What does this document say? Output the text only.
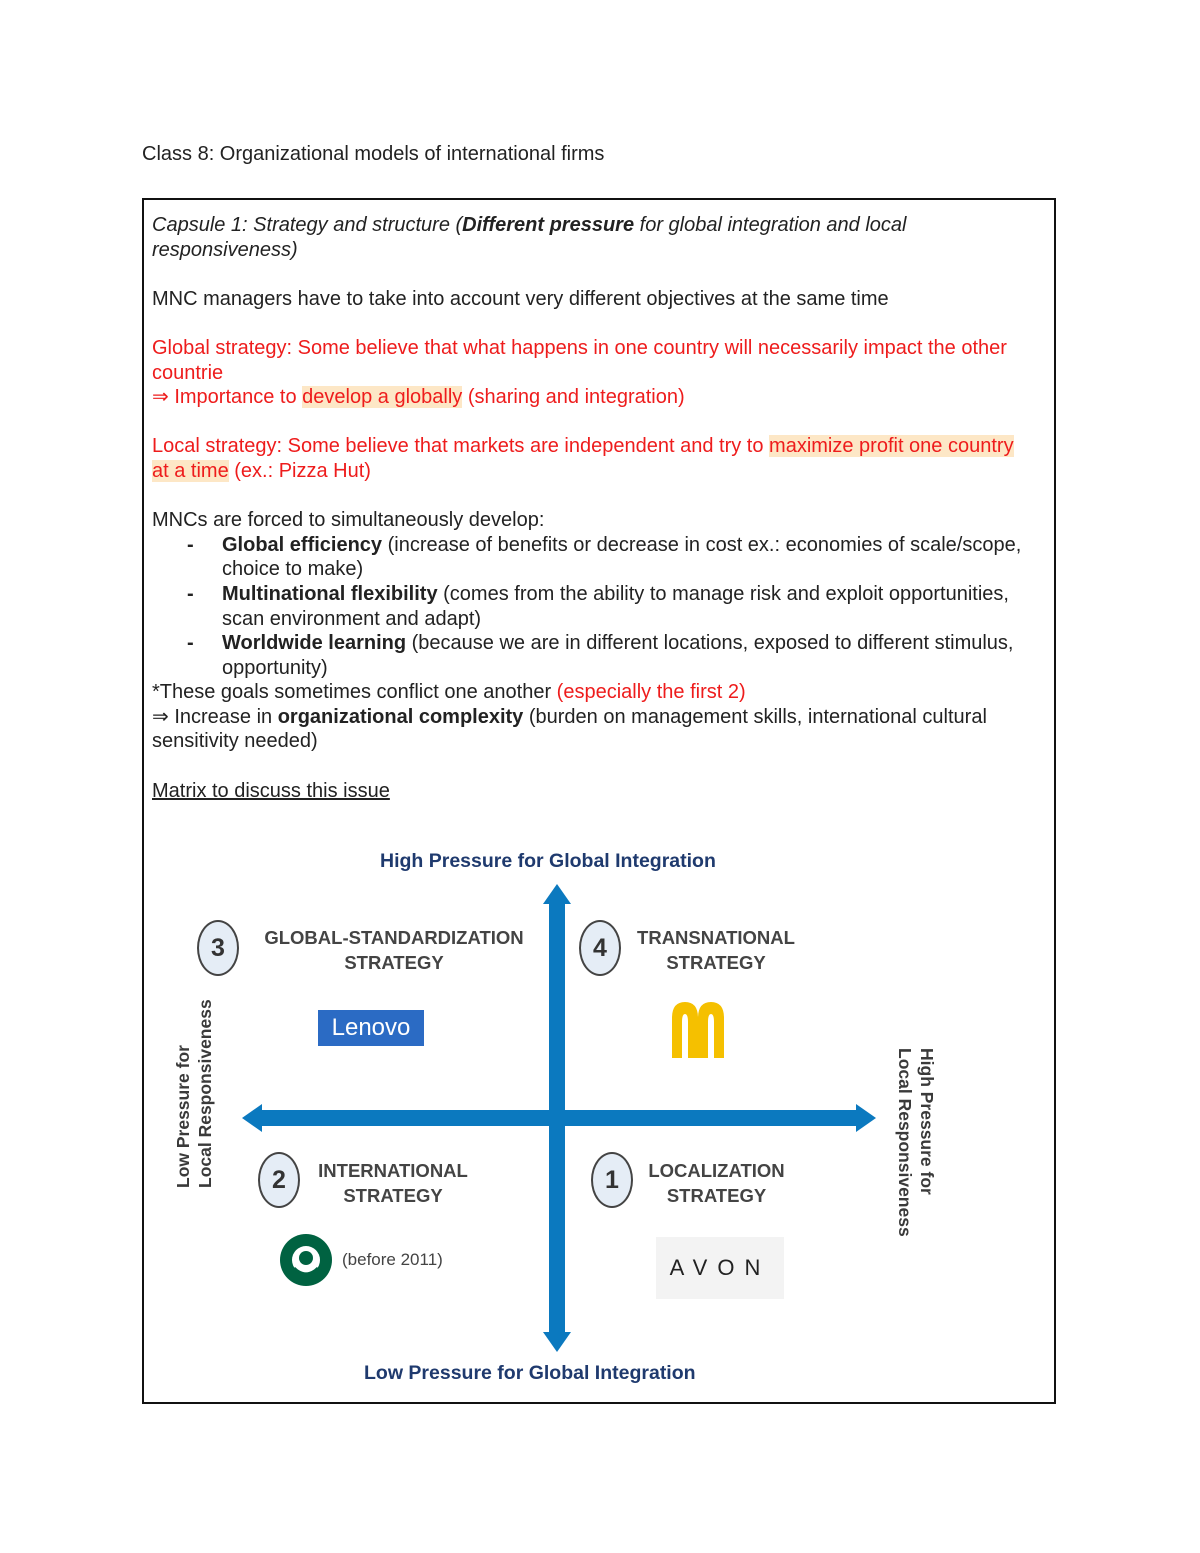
Class 8: Organizational models of international firms

Capsule 1: Strategy and structure (Different pressure for global integration and local responsiveness)

MNC managers have to take into account very different objectives at the same time

Global strategy: Some believe that what happens in one country will necessarily impact the other countrie

⇒ Importance to develop a globally (sharing and integration)

Local strategy: Some believe that markets are independent and try to maximize profit one country at a time (ex.: Pizza Hut)

MNCs are forced to simultaneously develop:

- Global efficiency (increase of benefits or decrease in cost ex.: economies of scale/scope, choice to make)
- Multinational flexibility (comes from the ability to manage risk and exploit opportunities, scan environment and adapt)
- Worldwide learning (because we are in different locations, exposed to different stimulus, opportunity)

*These goals sometimes conflict one another (especially the first 2)

⇒ Increase in organizational complexity (burden on management skills, international cultural sensitivity needed)

Matrix to discuss this issue

High Pressure for Global Integration
Low Pressure for Global Integration
Low Pressure for Local Responsiveness	High Pressure for
Local Responsiveness
3	GLOBAL-STANDARDIZATION
STRATEGY
Lenovo
4	TRANSNATIONAL
STRATEGY
2	INTERNATIONAL
STRATEGY
(before 2011)
1	LOCALIZATION
STRATEGY
AVON
